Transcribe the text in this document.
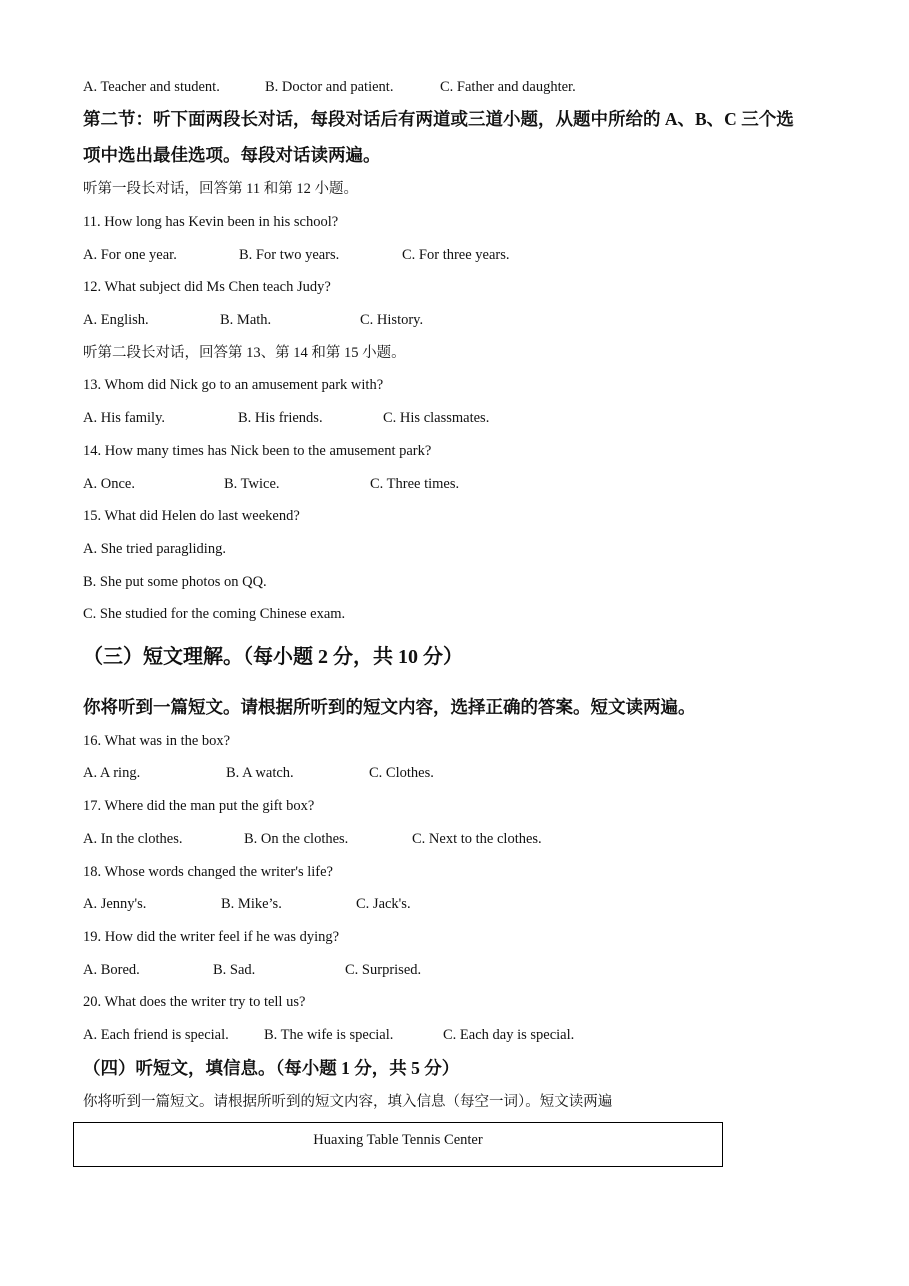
A. Teacher and student.	B. Doctor and patient.	C. Father and daughter.
第二节：听下面两段长对话，每段对话后有两道或三道小题，从题中所给的 A、B、C 三个选
项中选出最佳选项。每段对话读两遍。
听第一段长对话，回答第 11 和第 12 小题。
11. How long has Kevin been in his school?
A. For one year.	B. For two years.	C. For three years.
12. What subject did Ms Chen teach Judy?
A. English.	B. Math.	C. History.
听第二段长对话，回答第 13、第 14 和第 15 小题。
13. Whom did Nick go to an amusement park with?
A. His family.	B. His friends.	C. His classmates.
14. How many times has Nick been to the amusement park?
A. Once.	B. Twice.	C. Three times.
15. What did Helen do last weekend?
A. She tried paragliding.
B. She put some photos on QQ.
C. She studied for the coming Chinese exam.
（三）短文理解。（每小题 2 分，共 10 分）
你将听到一篇短文。请根据所听到的短文内容，选择正确的答案。短文读两遍。
16. What was in the box?
A. A ring.	B. A watch.	C. Clothes.
17. Where did the man put the gift box?
A. In the clothes.	B. On the clothes.	C. Next to the clothes.
18. Whose words changed the writer's life?
A. Jenny's.	B. Mike’s.	C. Jack's.
19. How did the writer feel if he was dying?
A. Bored.	B. Sad.	C. Surprised.
20. What does the writer try to tell us?
A. Each friend is special. B. The wife is special.	C. Each day is special.
（四）听短文，填信息。（每小题 1 分，共 5 分）
你将听到一篇短文。请根据所听到的短文内容，填入信息（每空一词）。短文读两遍
Huaxing Table Tennis Center
